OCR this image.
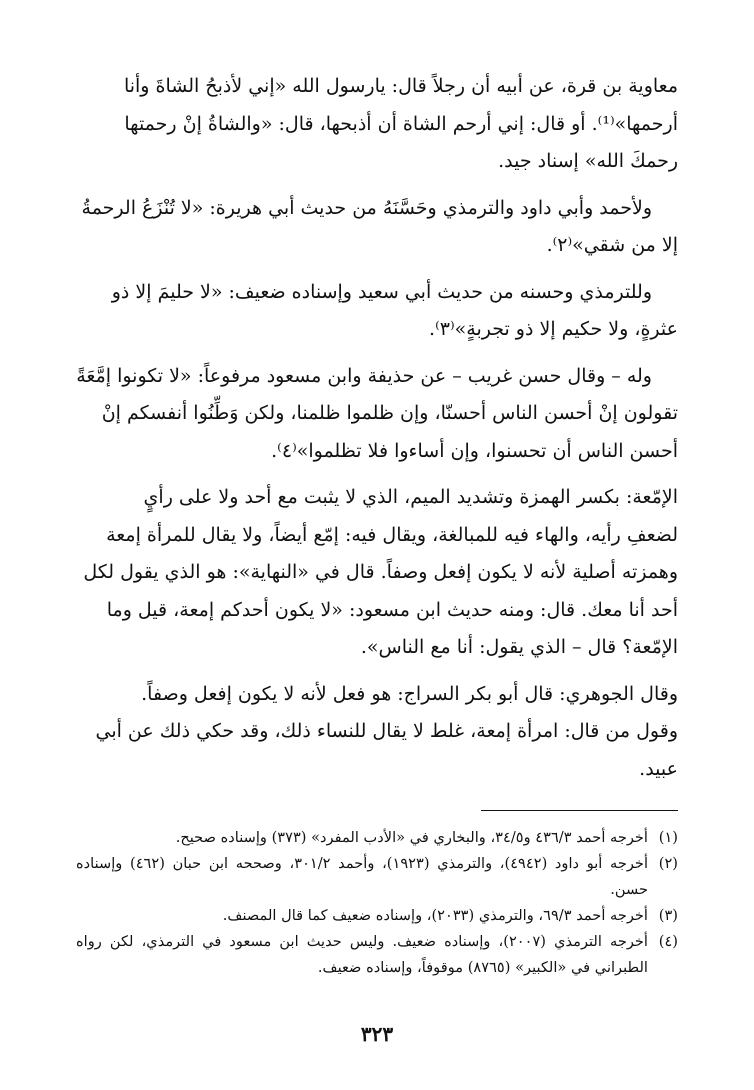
معاوية بن قرة، عن أبيه أن رجلاً قال: يارسول الله «إني لأذبحُ الشاةَ وأنا
أرحمها»⁽¹⁾. أو قال: إني أرحم الشاة أن أذبحها، قال: «والشاةُ إنْ رحمتها
رحمكَ الله» إسناد جيد.
ولأحمد وأبي داود والترمذي وحَسَّنَهُ من حديث أبي هريرة: «لا تُنْزَعُ الرحمةُ
إلا من شقي»⁽٢⁾.
وللترمذي وحسنه من حديث أبي سعيد وإسناده ضعيف: «لا حليمَ إلا ذو
عثرةٍ، ولا حكيم إلا ذو تجربةٍ»⁽٣⁾.
وله – وقال حسن غريب – عن حذيفة وابن مسعود مرفوعاً: «لا تكونوا إمَّعَةً
تقولون إنْ أحسن الناس أحسنّا، وإن ظلموا ظلمنا، ولكن وَطِّنُوا أنفسكم إنْ
أحسن الناس أن تحسنوا، وإن أساءوا فلا تظلموا»⁽٤⁾.
الإمّعة: بكسر الهمزة وتشديد الميم، الذي لا يثبت مع أحد ولا على رأيٍ
لضعفِ رأيه، والهاء فيه للمبالغة، ويقال فيه: إمّع أيضاً، ولا يقال للمرأة إمعة
وهمزته أصلية لأنه لا يكون إفعل وصفاً. قال في «النهاية»: هو الذي يقول لكل
أحد أنا معك. قال: ومنه حديث ابن مسعود: «لا يكون أحدكم إمعة، قيل وما
الإمّعة؟ قال – الذي يقول: أنا مع الناس».
وقال الجوهري: قال أبو بكر السراج: هو فعل لأنه لا يكون إفعل وصفاً.
وقول من قال: امرأة إمعة، غلط لا يقال للنساء ذلك، وقد حكي ذلك عن أبي
عبيد.
(١)
أخرجه أحمد ٤٣٦/٣ و٣٤/٥، والبخاري في «الأدب المفرد» (٣٧٣) وإسناده صحيح.
(٢)
أخرجه أبو داود (٤٩٤٢)، والترمذي (١٩٢٣)، وأحمد ٣٠١/٢، وصححه ابن حبان (٤٦٢) وإسناده حسن.
(٣)
أخرجه أحمد ٦٩/٣، والترمذي (٢٠٣٣)، وإسناده ضعيف كما قال المصنف.
(٤)
أخرجه الترمذي (٢٠٠٧)، وإسناده ضعيف. وليس حديث ابن مسعود في الترمذي، لكن رواه الطبراني في «الكبير» (٨٧٦٥) موقوفاً، وإسناده ضعيف.
٣٢٣
